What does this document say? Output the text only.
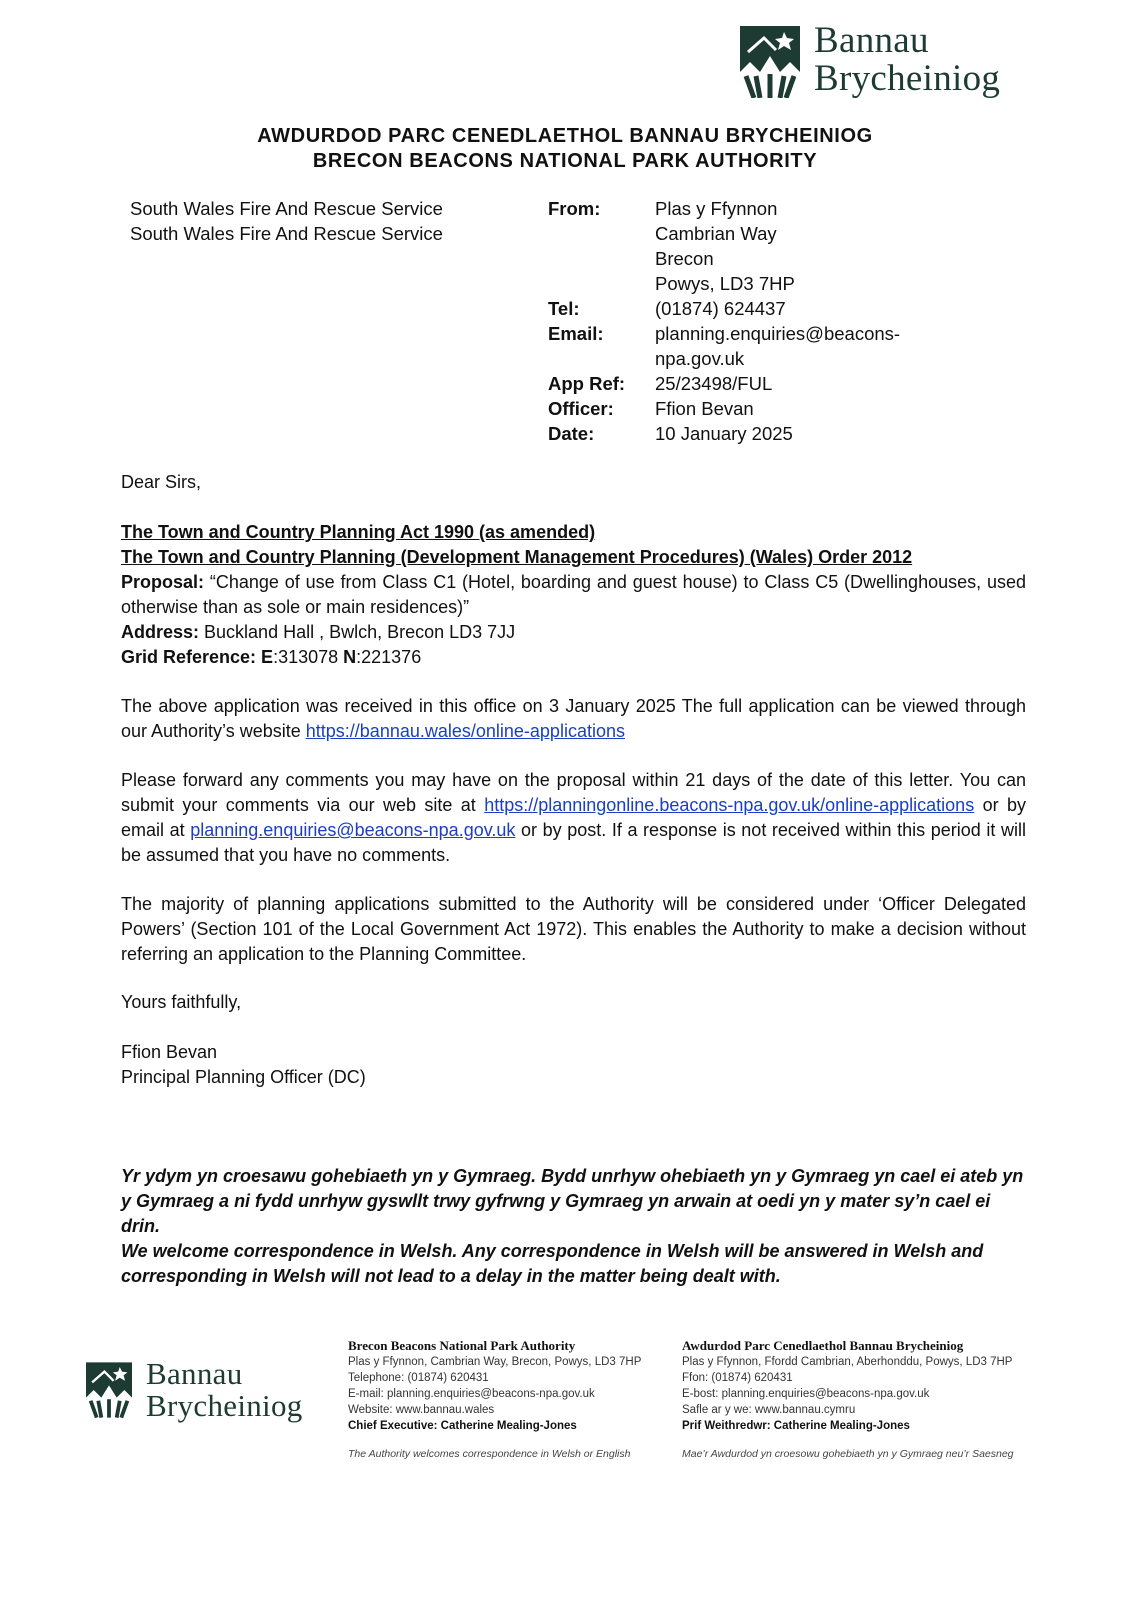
Bannau
Brycheiniog
AWDURDOD PARC CENEDLAETHOL BANNAU BRYCHEINIOG
BRECON BEACONS NATIONAL PARK AUTHORITY
South Wales Fire And Rescue Service
South Wales Fire And Rescue Service
From:
Tel:
Email:
App Ref:
Officer:
Date:
Plas y Ffynnon
Cambrian Way
Brecon
Powys, LD3 7HP
(01874) 624437
planning.enquiries@beacons-
npa.gov.uk
25/23498/FUL
Ffion Bevan
10 January 2025
Dear Sirs,
The Town and Country Planning Act 1990 (as amended)
The Town and Country Planning (Development Management Procedures) (Wales) Order 2012

Proposal: “Change of use from Class C1 (Hotel, boarding and guest house) to Class C5 (Dwellinghouses, used otherwise than as sole or main residences)”

Address: Buckland Hall , Bwlch, Brecon LD3 7JJ

Grid Reference: E:313078 N:221376

The above application was received in this office on 3 January 2025 The full application can be viewed through our Authority’s website https://bannau.wales/online-applications

Please forward any comments you may have on the proposal within 21 days of the date of this letter. You can submit your comments via our web site at https://planningonline.beacons-npa.gov.uk/online-applications or by email at planning.enquiries@beacons-npa.gov.uk or by post. If a response is not received within this period it will be assumed that you have no comments.

The majority of planning applications submitted to the Authority will be considered under ‘Officer Delegated Powers’ (Section 101 of the Local Government Act 1972). This enables the Authority to make a decision without referring an application to the Planning Committee.
Yours faithfully,
Ffion Bevan
Principal Planning Officer (DC)
Yr ydym yn croesawu gohebiaeth yn y Gymraeg. Bydd unrhyw ohebiaeth yn y Gymraeg yn cael ei ateb yn y Gymraeg a ni fydd unrhyw gyswllt trwy gyfrwng y Gymraeg yn arwain at oedi yn y mater sy’n cael ei drin.
We welcome correspondence in Welsh. Any correspondence in Welsh will be answered in Welsh and corresponding in Welsh will not lead to a delay in the matter being dealt with.
Bannau
Brycheiniog
Brecon Beacons National Park Authority
Plas y Ffynnon, Cambrian Way, Brecon, Powys, LD3 7HP
Telephone: (01874) 620431
E-mail: planning.enquiries@beacons-npa.gov.uk
Website: www.bannau.wales
Chief Executive: Catherine Mealing-Jones
The Authority welcomes correspondence in Welsh or English
Awdurdod Parc Cenedlaethol Bannau Brycheiniog
Plas y Ffynnon, Ffordd Cambrian, Aberhonddu, Powys, LD3 7HP
Ffon: (01874) 620431
E-bost: planning.enquiries@beacons-npa.gov.uk
Safle ar y we: www.bannau.cymru
Prif Weithredwr: Catherine Mealing-Jones
Mae’r Awdurdod yn croesowu gohebiaeth yn y Gymraeg neu’r Saesneg
